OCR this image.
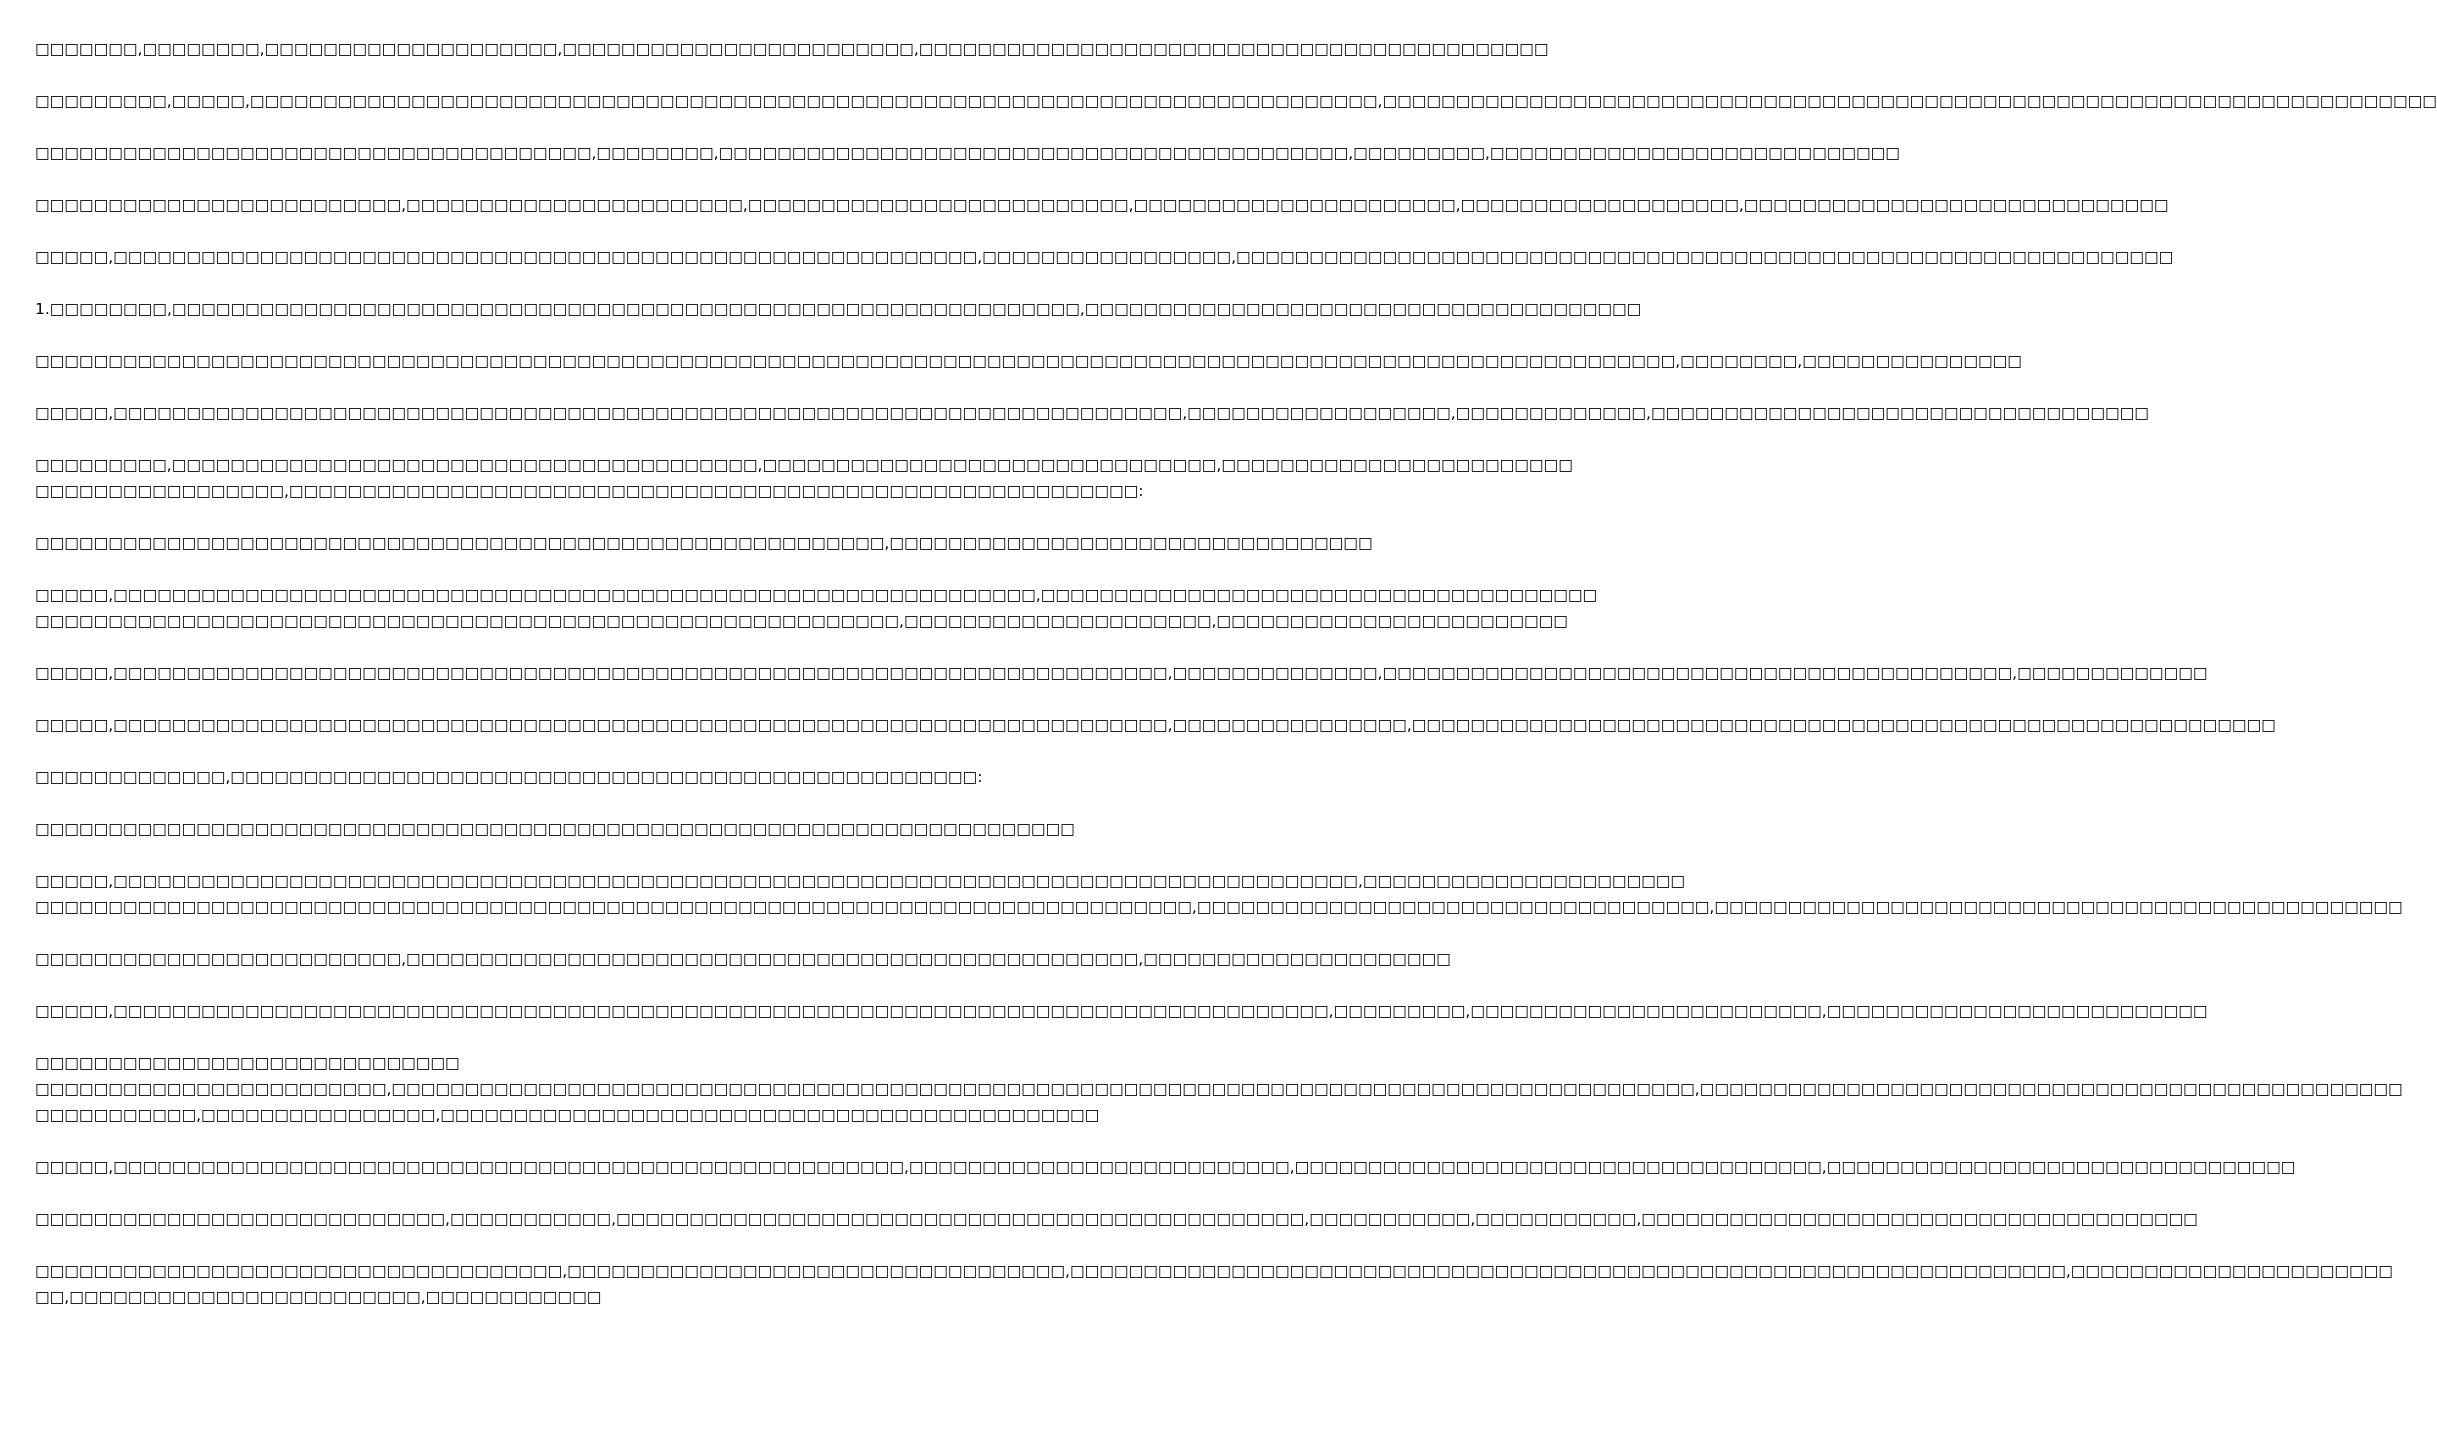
□□□□□□□,□□□□□□□□,□□□□□□□□□□□□□□□□□□□□,□□□□□□□□□□□□□□□□□□□□□□□□,□□□□□□□□□□□□□□□□□□□□□□□□□□□□□□□□□□□□□□□□□□□
□□□□□□□□□,□□□□□,□□□□□□□□□□□□□□□□□□□□□□□□□□□□□□□□□□□□□□□□□□□□□□□□□□□□□□□□□□□□□□□□□□□□□□□□□□□□□,□□□□□□□□□□□□□□□□□□□□□□□□□□□□□□□□□□□□□□□□□□□□□□□□□□□□□□□□□□□□□□□□□□□□□□□□
□□□□□□□□□□□□□□□□□□□□□□□□□□□□□□□□□□□□□□,□□□□□□□□,□□□□□□□□□□□□□□□□□□□□□□□□□□□□□□□□□□□□□□□□□□□,□□□□□□□□□,□□□□□□□□□□□□□□□□□□□□□□□□□□□□
□□□□□□□□□□□□□□□□□□□□□□□□□,□□□□□□□□□□□□□□□□□□□□□□□,□□□□□□□□□□□□□□□□□□□□□□□□□□,□□□□□□□□□□□□□□□□□□□□□□,□□□□□□□□□□□□□□□□□□□,□□□□□□□□□□□□□□□□□□□□□□□□□□□□□
□□□□□,□□□□□□□□□□□□□□□□□□□□□□□□□□□□□□□□□□□□□□□□□□□□□□□□□□□□□□□□□□□,□□□□□□□□□□□□□□□□□,□□□□□□□□□□□□□□□□□□□□□□□□□□□□□□□□□□□□□□□□□□□□□□□□□□□□□□□□□□□□□□□□
1.□□□□□□□□,□□□□□□□□□□□□□□□□□□□□□□□□□□□□□□□□□□□□□□□□□□□□□□□□□□□□□□□□□□□□□□,□□□□□□□□□□□□□□□□□□□□□□□□□□□□□□□□□□□□□□
□□□□□□□□□□□□□□□□□□□□□□□□□□□□□□□□□□□□□□□□□□□□□□□□□□□□□□□□□□□□□□□□□□□□□□□□□□□□□□□□□□□□□□□□□□□□□□□□□□□□□□□□□□□□□□□□,□□□□□□□□,□□□□□□□□□□□□□□□
□□□□□,□□□□□□□□□□□□□□□□□□□□□□□□□□□□□□□□□□□□□□□□□□□□□□□□□□□□□□□□□□□□□□□□□□□□□□□□□,□□□□□□□□□□□□□□□□□□,□□□□□□□□□□□□□,□□□□□□□□□□□□□□□□□□□□□□□□□□□□□□□□□□
□□□□□□□□□,□□□□□□□□□□□□□□□□□□□□□□□□□□□□□□□□□□□□□□□□,□□□□□□□□□□□□□□□□□□□□□□□□□□□□□□□,□□□□□□□□□□□□□□□□□□□□□□□□
□□□□□□□□□□□□□□□□□,□□□□□□□□□□□□□□□□□□□□□□□□□□□□□□□□□□□□□□□□□□□□□□□□□□□□□□□□□□:
□□□□□□□□□□□□□□□□□□□□□□□□□□□□□□□□□□□□□□□□□□□□□□□□□□□□□□□□□□,□□□□□□□□□□□□□□□□□□□□□□□□□□□□□□□□□
□□□□□,□□□□□□□□□□□□□□□□□□□□□□□□□□□□□□□□□□□□□□□□□□□□□□□□□□□□□□□□□□□□□□□,□□□□□□□□□□□□□□□□□□□□□□□□□□□□□□□□□□□□□□
□□□□□□□□□□□□□□□□□□□□□□□□□□□□□□□□□□□□□□□□□□□□□□□□□□□□□□□□□□□,□□□□□□□□□□□□□□□□□□□□□,□□□□□□□□□□□□□□□□□□□□□□□□
□□□□□,□□□□□□□□□□□□□□□□□□□□□□□□□□□□□□□□□□□□□□□□□□□□□□□□□□□□□□□□□□□□□□□□□□□□□□□□,□□□□□□□□□□□□□□,□□□□□□□□□□□□□□□□□□□□□□□□□□□□□□□□□□□□□□□□□□□,□□□□□□□□□□□□□
□□□□□,□□□□□□□□□□□□□□□□□□□□□□□□□□□□□□□□□□□□□□□□□□□□□□□□□□□□□□□□□□□□□□□□□□□□□□□□,□□□□□□□□□□□□□□□□,□□□□□□□□□□□□□□□□□□□□□□□□□□□□□□□□□□□□□□□□□□□□□□□□□□□□□□□□□□□
□□□□□□□□□□□□□,□□□□□□□□□□□□□□□□□□□□□□□□□□□□□□□□□□□□□□□□□□□□□□□□□□□:
□□□□□□□□□□□□□□□□□□□□□□□□□□□□□□□□□□□□□□□□□□□□□□□□□□□□□□□□□□□□□□□□□□□□□□□
□□□□□,□□□□□□□□□□□□□□□□□□□□□□□□□□□□□□□□□□□□□□□□□□□□□□□□□□□□□□□□□□□□□□□□□□□□□□□□□□□□□□□□□□□□□,□□□□□□□□□□□□□□□□□□□□□□
□□□□□□□□□□□□□□□□□□□□□□□□□□□□□□□□□□□□□□□□□□□□□□□□□□□□□□□□□□□□□□□□□□□□□□□□□□□□□□□,□□□□□□□□□□□□□□□□□□□□□□□□□□□□□□□□□□□,□□□□□□□□□□□□□□□□□□□□□□□□□□□□□□□□□□□□□□□□□□□□□□□
□□□□□□□□□□□□□□□□□□□□□□□□□,□□□□□□□□□□□□□□□□□□□□□□□□□□□□□□□□□□□□□□□□□□□□□□□□□□,□□□□□□□□□□□□□□□□□□□□□
□□□□□,□□□□□□□□□□□□□□□□□□□□□□□□□□□□□□□□□□□□□□□□□□□□□□□□□□□□□□□□□□□□□□□□□□□□□□□□□□□□□□□□□□□,□□□□□□□□□,□□□□□□□□□□□□□□□□□□□□□□□□,□□□□□□□□□□□□□□□□□□□□□□□□□□
□□□□□□□□□□□□□□□□□□□□□□□□□□□□□
□□□□□□□□□□□□□□□□□□□□□□□□,□□□□□□□□□□□□□□□□□□□□□□□□□□□□□□□□□□□□□□□□□□□□□□□□□□□□□□□□□□□□□□□□□□□□□□□□□□□□□□□□□□□□□□□□□,□□□□□□□□□□□□□□□□□□□□□□□□□□□□□□□□□□□□□□□□□□□□□□□□
□□□□□□□□□□□,□□□□□□□□□□□□□□□□,□□□□□□□□□□□□□□□□□□□□□□□□□□□□□□□□□□□□□□□□□□□□□
□□□□□,□□□□□□□□□□□□□□□□□□□□□□□□□□□□□□□□□□□□□□□□□□□□□□□□□□□□□□,□□□□□□□□□□□□□□□□□□□□□□□□□□,□□□□□□□□□□□□□□□□□□□□□□□□□□□□□□□□□□□□,□□□□□□□□□□□□□□□□□□□□□□□□□□□□□□□□
□□□□□□□□□□□□□□□□□□□□□□□□□□□□,□□□□□□□□□□□,□□□□□□□□□□□□□□□□□□□□□□□□□□□□□□□□□□□□□□□□□□□□□□□,□□□□□□□□□□□,□□□□□□□□□□□,□□□□□□□□□□□□□□□□□□□□□□□□□□□□□□□□□□□□□□
□□□□□□□□□□□□□□□□□□□□□□□□□□□□□□□□□□□□,□□□□□□□□□□□□□□□□□□□□□□□□□□□□□□□□□□,□□□□□□□□□□□□□□□□□□□□□□□□□□□□□□□□□□□□□□□□□□□□□□□□□□□□□□□□□□□□□□□□□□□□,□□□□□□□□□□□□□□□□□□□□□□
□□,□□□□□□□□□□□□□□□□□□□□□□□□,□□□□□□□□□□□□
